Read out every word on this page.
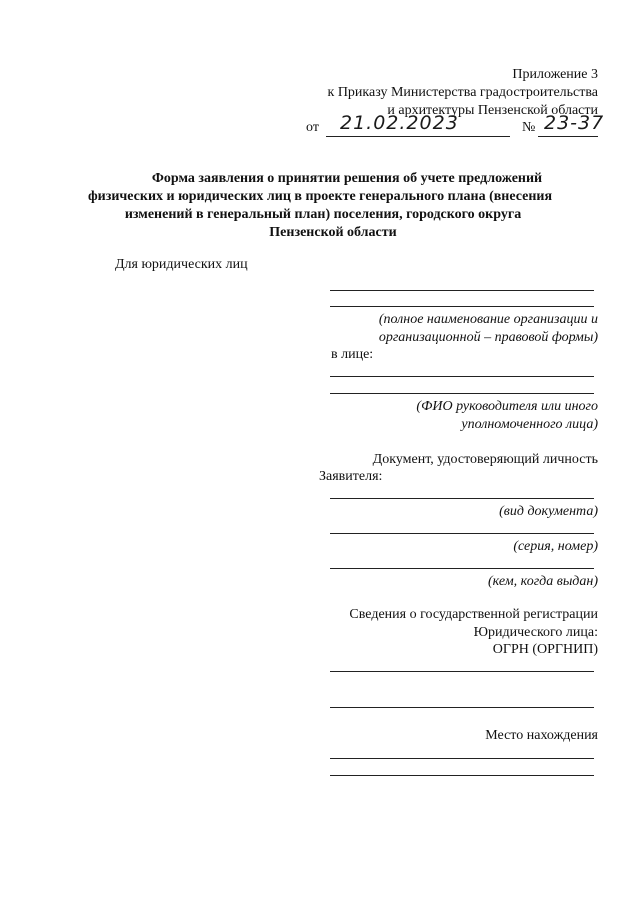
Приложение 3
к Приказу Министерства градостроительства
и архитектуры Пензенской области
от 21.02.2023	№ 23-37
Форма заявления о принятии решения об учете предложений
физических и юридических лиц в проекте генерального плана (внесения
изменений в генеральный план) поселения, городского округа
Пензенской области
Для юридических лиц
(полное наименование организации и
организационной – правовой формы)
в лице:
(ФИО руководителя или иного
уполномоченного лица)
Документ, удостоверяющий личность
Заявителя:
(вид документа)
(серия, номер)
(кем, когда выдан)
Сведения о государственной регистрации
Юридического лица:
ОГРН (ОРГНИП)
Место нахождения
